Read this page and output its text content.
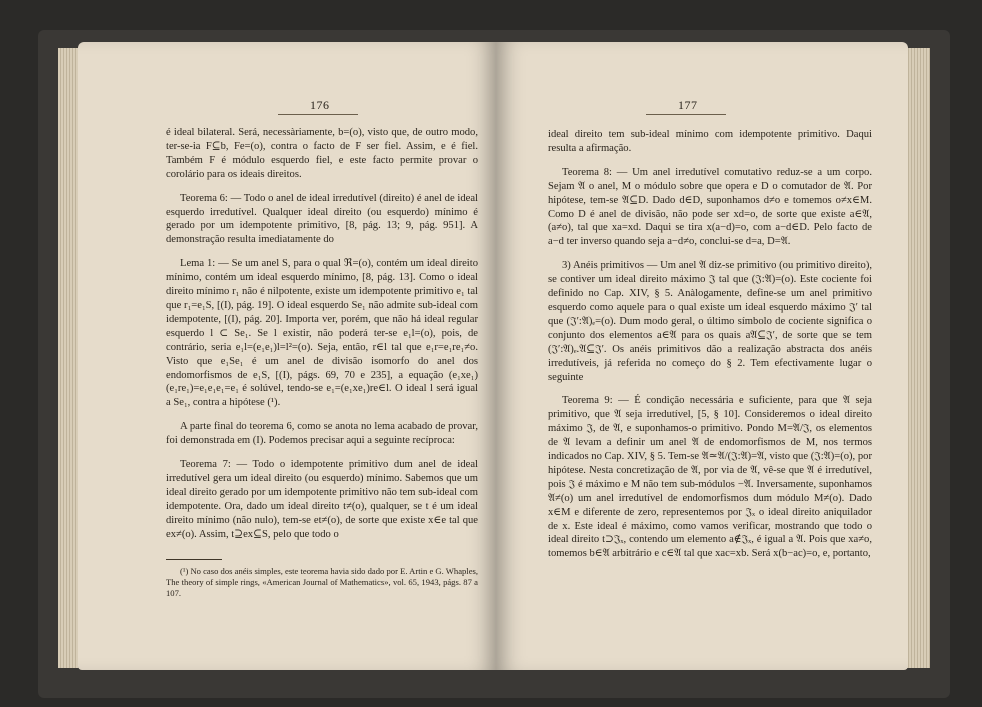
176

é ideal bilateral. Será, necessàriamente, b=(o), visto que, de outro modo, ter-se-ia F⊆b, Fe=(o), contra o facto de F ser fiel. Assim, e é fiel. Também F é módulo esquerdo fiel, e este facto permite provar o corolário para os ideais direitos.

Teorema 6: — Todo o anel de ideal irredutível (direito) é anel de ideal esquerdo irredutível. Qualquer ideal direito (ou esquerdo) mínimo é gerado por um idempotente primitivo, [8, pág. 13; 9, pág. 951]. A demonstração resulta imediatamente do

Lema 1: — Se um anel S, para o qual ℜ=(o), contém um ideal direito mínimo, contém um ideal esquerdo mínimo, [8, pág. 13]. Como o ideal direito mínimo r₁ não é nilpotente, existe um idempotente primitivo e₁ tal que r₁=e₁S, [(I), pág. 19]. O ideal esquerdo Se₁ não admite sub-ideal com idempotente, [(I), pág. 20]. Importa ver, porém, que não há ideal regular esquerdo l ⊂ Se₁. Se l existir, não poderá ter-se e₁l=(o), pois, de contrário, seria e₁l=(e₁e₁)l=l²=(o). Seja, então, r∈l tal que e₁r=e₁re₁≠o. Visto que e₁Se₁ é um anel de divisão isomorfo do anel dos endomorfismos de e₁S, [(I), págs. 69, 70 e 235], a equação (e₁xe₁)(e₁re₁)=e₁e₁e₁=e₁ é solúvel, tendo-se e₁=(e₁xe₁)re∈l. O ideal l será igual a Se₁, contra a hipótese (¹).

A parte final do teorema 6, como se anota no lema acabado de provar, foi demonstrada em (I). Podemos precisar aqui a seguinte recíproca:

Teorema 7: — Todo o idempotente primitivo dum anel de ideal irredutível gera um ideal direito (ou esquerdo) mínimo. Sabemos que um ideal direito gerado por um idempotente primitivo não tem sub-ideal com idempotente. Ora, dado um ideal direito t≠(o), qualquer, se t é um ideal direito mínimo (não nulo), tem-se et≠(o), de sorte que existe x∈e tal que ex≠(o). Assim, t⊇ex⊆S, pelo que todo o

(¹) No caso dos anéis simples, este teorema havia sido dado por E. Artin e G. Whaples, The theory of simple rings, «American Journal of Mathematics», vol. 65, 1943, págs. 87 a 107.

177

ideal direito tem sub-ideal mínimo com idempotente primitivo. Daqui resulta a afirmação.

Teorema 8: — Um anel irredutível comutativo reduz-se a um corpo. Sejam 𝔄 o anel, M o módulo sobre que opera e D o comutador de 𝔄. Por hipótese, tem-se 𝔄⊆D. Dado d∈D, suponhamos d≠o e tomemos o≠x∈M. Como D é anel de divisão, não pode ser xd=o, de sorte que existe a∈𝔄, (a≠o), tal que xa=xd. Daqui se tira x(a−d)=o, com a−d∈D. Pelo facto de a−d ter inverso quando seja a−d≠o, conclui-se d=a, D=𝔄.

3) Anéis primitivos — Um anel 𝔄 diz-se primitivo (ou primitivo direito), se contiver um ideal direito máximo 𝔍 tal que (𝔍:𝔄)=(o). Este cociente foi definido no Cap. XIV, § 5. Anàlogamente, define-se um anel primitivo esquerdo como aquele para o qual existe um ideal esquerdo máximo 𝔍′ tal que (𝔍′:𝔄)ₑ=(o). Dum modo geral, o último símbolo de cociente significa o conjunto dos elementos a∈𝔄 para os quais a𝔄⊆𝔍′, de sorte que se tem (𝔍′:𝔄)ₑ.𝔄⊆𝔍′. Os anéis primitivos dão a realização abstracta dos anéis irredutíveis, já referida no começo do § 2. Tem efectivamente lugar o seguinte

Teorema 9: — É condição necessária e suficiente, para que 𝔄 seja primitivo, que 𝔄 seja irredutível, [5, § 10]. Consideremos o ideal direito máximo 𝔍, de 𝔄, e suponhamos-o primitivo. Pondo M=𝔄/𝔍, os elementos de 𝔄 levam a definir um anel 𝔄 de endomorfismos de M, nos termos indicados no Cap. XIV, § 5. Tem-se 𝔄≃𝔄/(𝔍:𝔄)=𝔄, visto que (𝔍:𝔄)=(o), por hipótese. Nesta concretização de 𝔄, por via de 𝔄, vê-se que 𝔄 é irredutível, pois 𝔍 é máximo e M não tem sub-módulos −𝔄. Inversamente, suponhamos 𝔄≠(o) um anel irredutível de endomorfismos dum módulo M≠(o). Dado x∈M e diferente de zero, representemos por 𝔍ₓ o ideal direito aniquilador de x. Este ideal é máximo, como vamos verificar, mostrando que todo o ideal direito t⊃𝔍ₓ, contendo um elemento a∉𝔍ₓ, é igual a 𝔄. Pois que xa≠o, tomemos b∈𝔄 arbitrário e c∈𝔄 tal que xac=xb. Será x(b−ac)=o, e, portanto,
